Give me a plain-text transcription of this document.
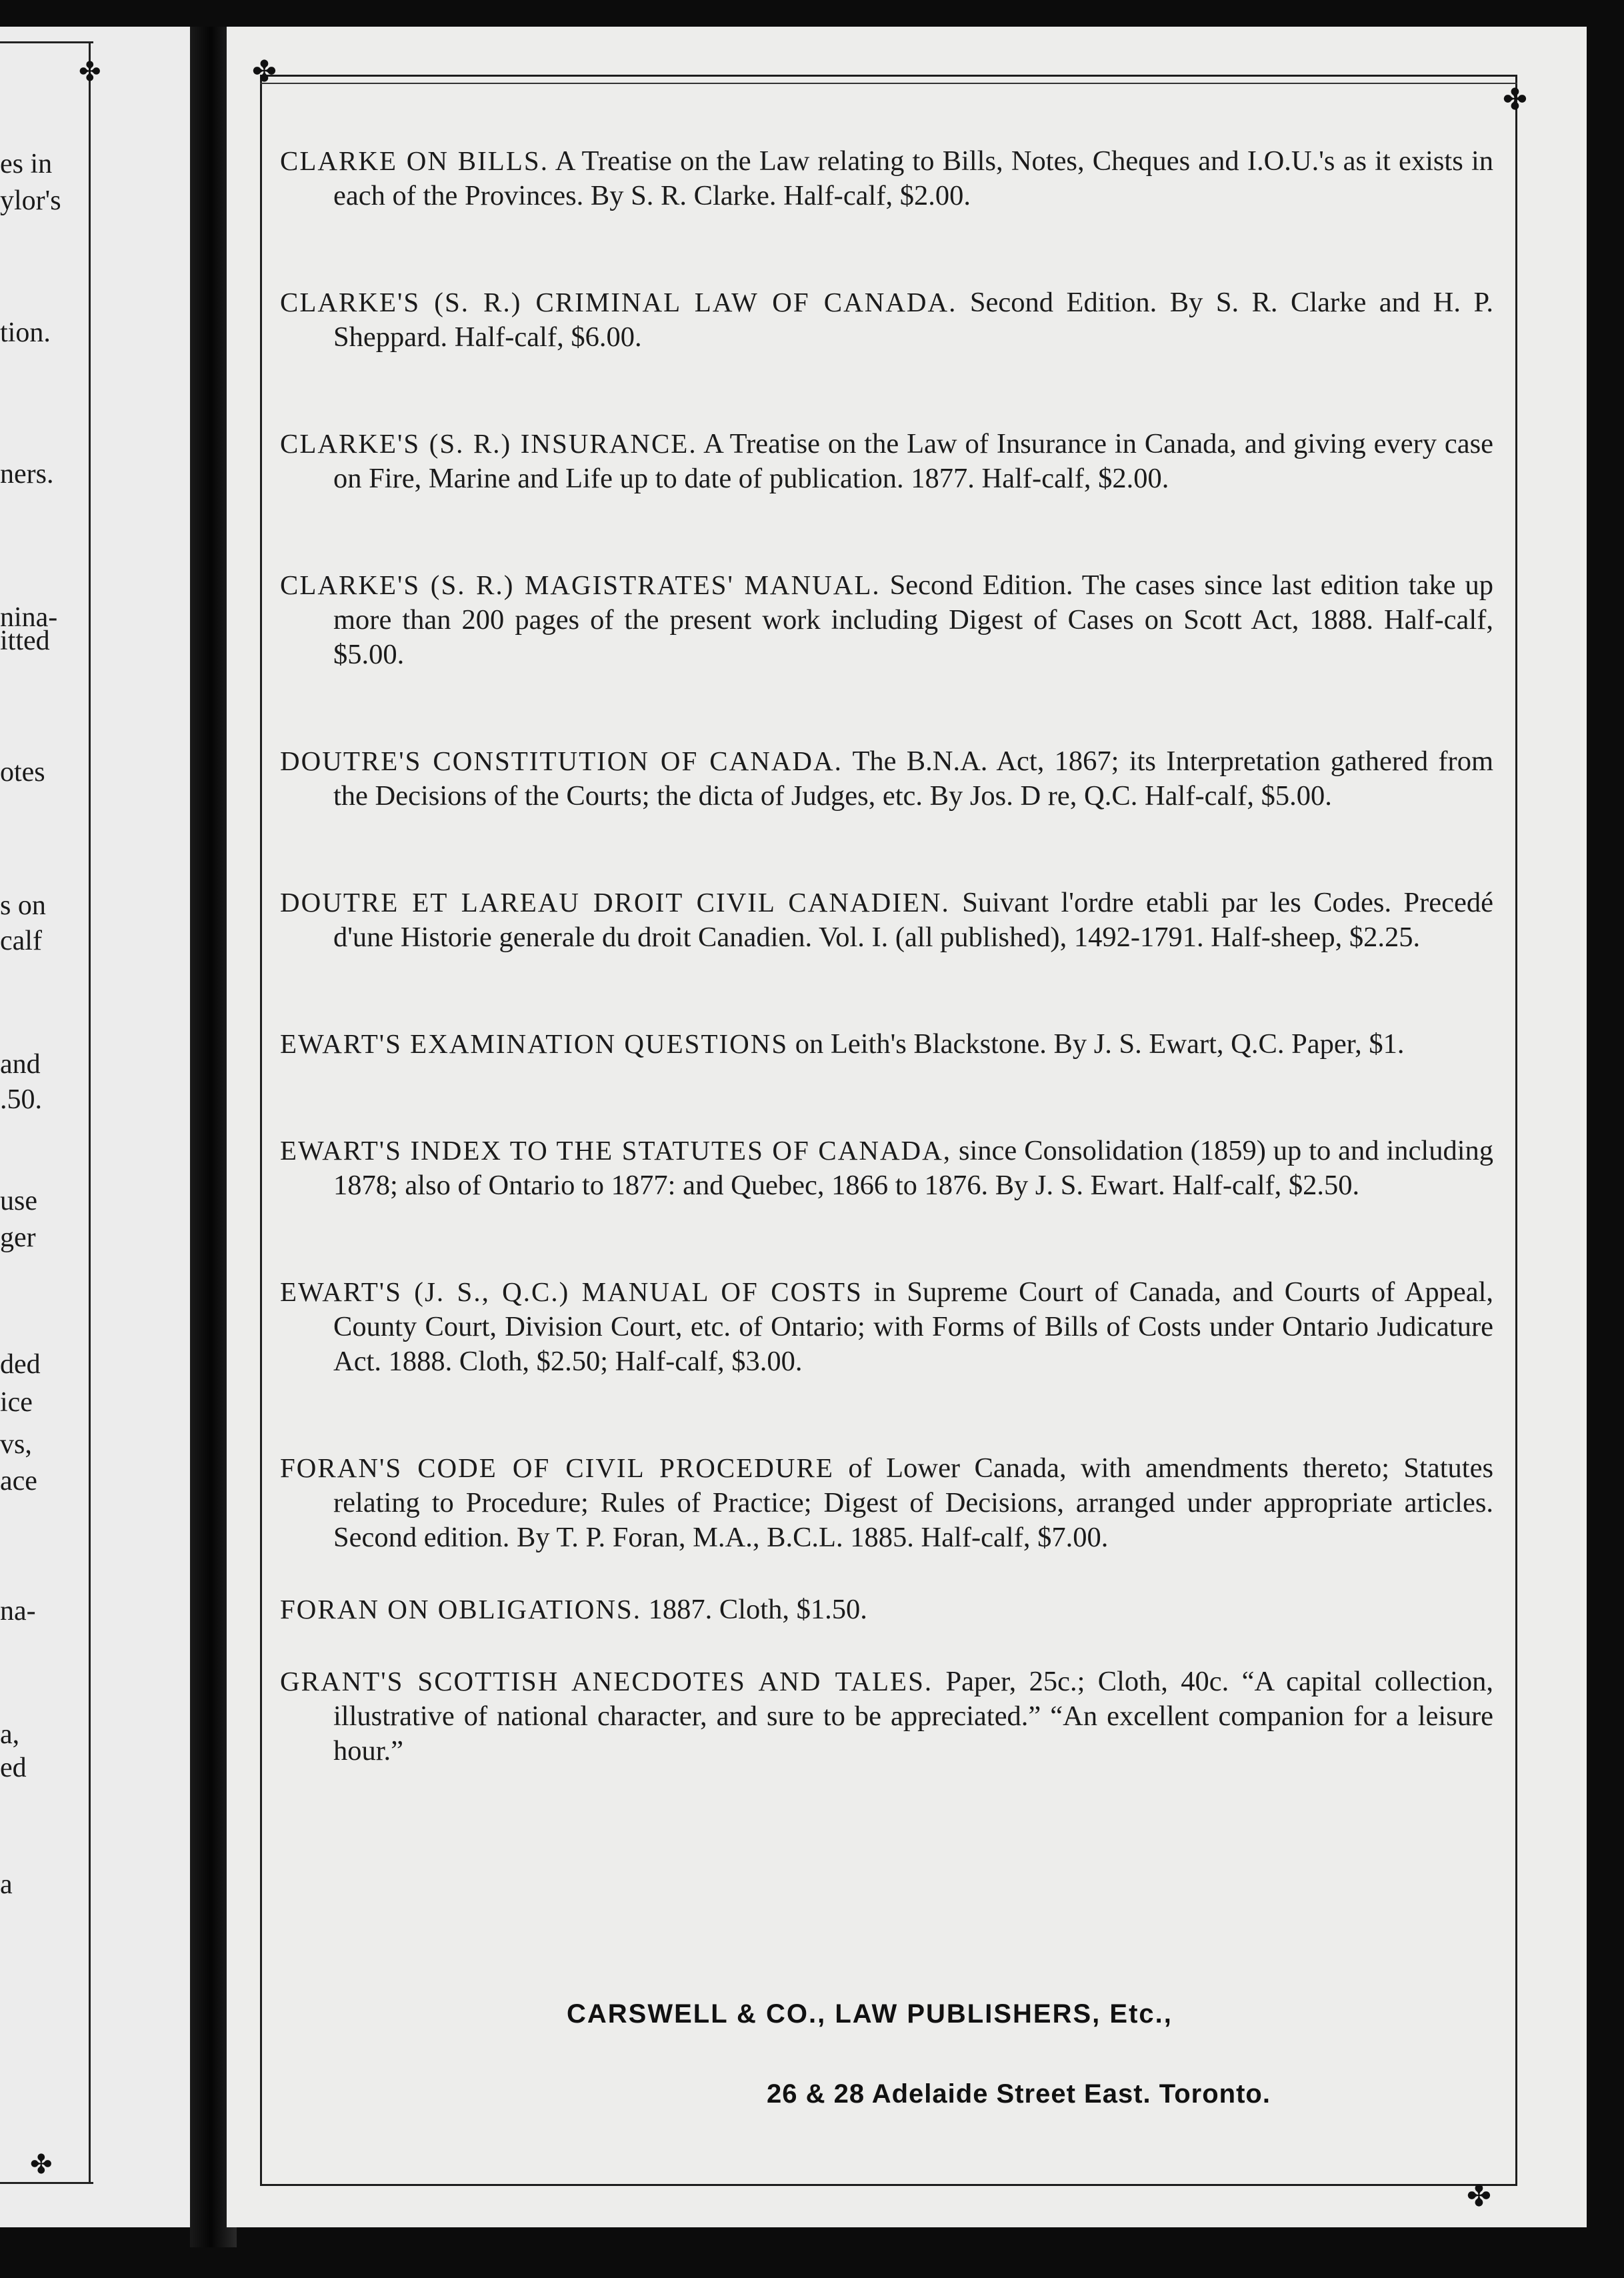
✤
✤
es in
ylor's
tion.
ners.
nina-
itted
otes
s on
calf
and
.50.
use
ger
ded
ice
vs,
ace
na-
a,
ed
a
✤
✤
✤

CLARKE ON BILLS. A Treatise on the Law relating to Bills, Notes, Cheques and I.O.U.'s as it exists in each of the Provinces. By S. R. Clarke. Half-calf, $2.00.

CLARKE'S (S. R.) CRIMINAL LAW OF CANADA. Second Edition. By S. R. Clarke and H. P. Sheppard. Half-calf, $6.00.

CLARKE'S (S. R.) INSURANCE. A Treatise on the Law of Insurance in Canada, and giving every case on Fire, Marine and Life up to date of publication. 1877. Half-calf, $2.00.

CLARKE'S (S. R.) MAGISTRATES' MANUAL. Second Edition. The cases since last edition take up more than 200 pages of the present work including Digest of Cases on Scott Act, 1888. Half-calf, $5.00.

DOUTRE'S CONSTITUTION OF CANADA. The B.N.A. Act, 1867; its Interpretation gathered from the Decisions of the Courts; the dicta of Judges, etc. By Jos. D re, Q.C. Half-calf, $5.00.

DOUTRE ET LAREAU DROIT CIVIL CANADIEN. Suivant l'ordre etabli par les Codes. Precedé d'une Historie generale du droit Canadien. Vol. I. (all published), 1492-1791. Half-sheep, $2.25.

EWART'S EXAMINATION QUESTIONS on Leith's Blackstone. By J. S. Ewart, Q.C. Paper, $1.

EWART'S INDEX TO THE STATUTES OF CANADA, since Consolidation (1859) up to and including 1878; also of Ontario to 1877: and Quebec, 1866 to 1876. By J. S. Ewart. Half-calf, $2.50.

EWART'S (J. S., Q.C.) MANUAL OF COSTS in Supreme Court of Canada, and Courts of Appeal, County Court, Division Court, etc. of Ontario; with Forms of Bills of Costs under Ontario Judicature Act. 1888. Cloth, $2.50; Half-calf, $3.00.

FORAN'S CODE OF CIVIL PROCEDURE of Lower Canada, with amendments thereto; Statutes relating to Procedure; Rules of Practice; Digest of Decisions, arranged under appropriate articles. Second edition. By T. P. Foran, M.A., B.C.L. 1885. Half-calf, $7.00.

FORAN ON OBLIGATIONS. 1887. Cloth, $1.50.

GRANT'S SCOTTISH ANECDOTES AND TALES. Paper, 25c.; Cloth, 40c. “A capital collection, illustrative of national character, and sure to be appreciated.” “An excellent companion for a leisure hour.”

CARSWELL & CO., LAW PUBLISHERS, Etc.,
26 & 28 Adelaide Street East. Toronto.
